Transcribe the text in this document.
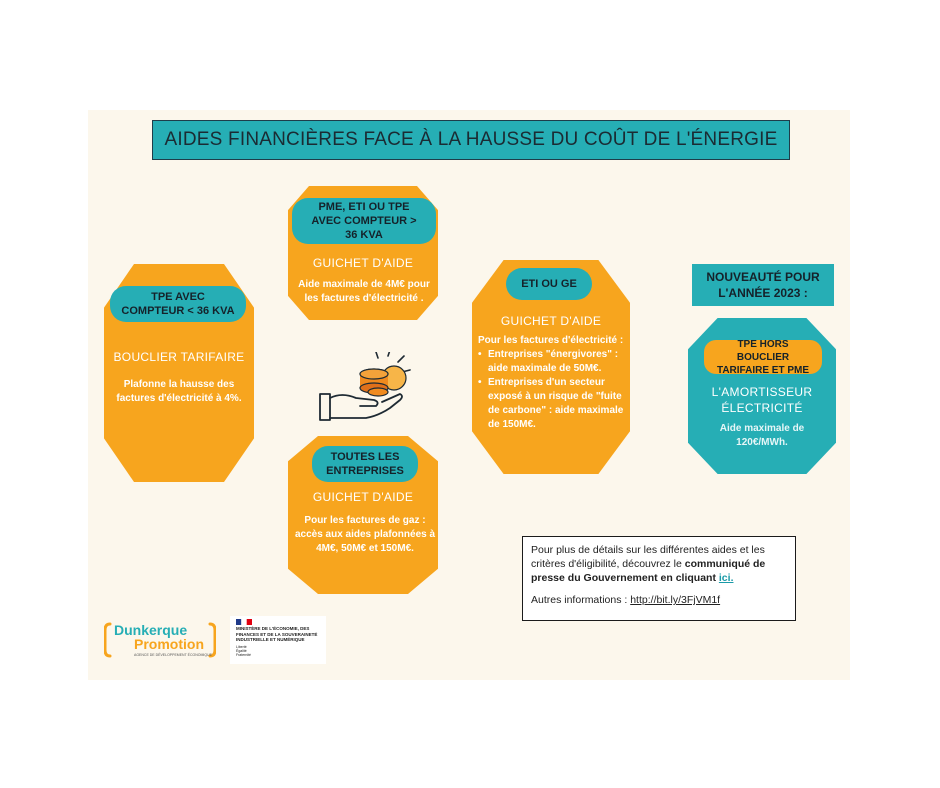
AIDES FINANCIÈRES FACE À LA HAUSSE DU COÛT DE L'ÉNERGIE
TPE AVEC COMPTEUR < 36 KVA
BOUCLIER TARIFAIRE
Plafonne la hausse des factures d'électricité à 4%.
PME, ETI OU TPE AVEC COMPTEUR > 36 KVA
GUICHET D'AIDE
Aide maximale de 4M€ pour les factures d'électricité .
TOUTES LES ENTREPRISES
GUICHET D'AIDE
Pour les factures de gaz : accès aux aides plafonnées à 4M€, 50M€ et 150M€.
ETI OU GE
GUICHET D'AIDE
Pour les factures d'électricité :
• Entreprises "énergivores" : aide maximale de 50M€.
• Entreprises d'un secteur exposé à un risque de "fuite de carbone" : aide maximale de 150M€.
NOUVEAUTÉ POUR L'ANNÉE 2023 :
TPE HORS BOUCLIER TARIFAIRE ET PME
L'AMORTISSEUR ÉLECTRICITÉ
Aide maximale de 120€/MWh.
Pour plus de détails sur les différentes aides et les critères d'éligibilité, découvrez le communiqué de presse du Gouvernement en cliquant ici.
Autres informations : http://bit.ly/3FjVM1f
Dunkerque
Promotion
AGENCE DE DÉVELOPPEMENT ÉCONOMIQUE
MINISTÈRE DE L'ÉCONOMIE, DES FINANCES ET DE LA SOUVERAINETÉ INDUSTRIELLE ET NUMÉRIQUE
Liberté Égalité Fraternité
